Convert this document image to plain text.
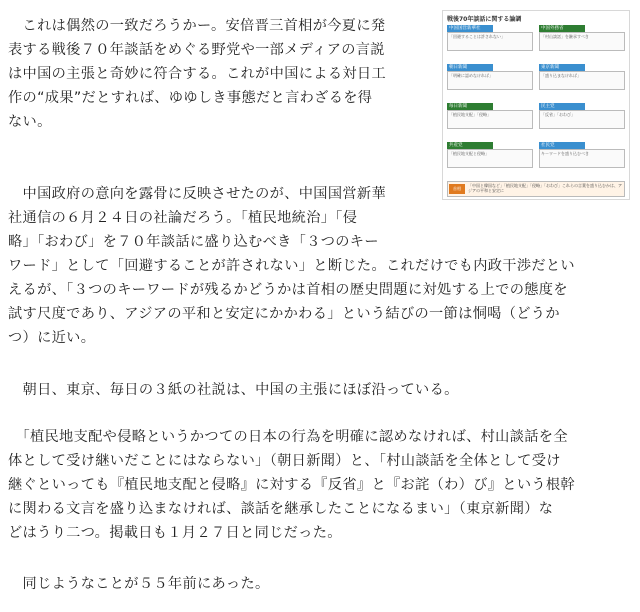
　これは偶然の一致だろうかー。安倍晋三首相が今夏に発
表する戦後７０年談話をめぐる野党や一部メディアの言説
は中国の主張と奇妙に符合する。これが中国による対日工
作の“成果”だとすれば、ゆゆしき事態だと言わざるを得
ない。
　中国政府の意向を露骨に反映させたのが、中国国営新華
社通信の６月２４日の社論だろう。「植民地統治」「侵
略」「おわび」を７０年談話に盛り込むべき「３つのキー
ワード」として「回避することが許されない」と断じた。これだけでも内政干渉だとい
えるが、「３つのキーワードが残るかどうかは首相の歴史問題に対処する上での態度を
試す尺度であり、アジアの平和と安定にかかわる」という結びの一節は恫喝（どうか
つ）に近い。
　朝日、東京、毎日の３紙の社説は、中国の主張にほぼ沿っている。
　「植民地支配や侵略というかつての日本の行為を明確に認めなければ、村山談話を全
体として受け継いだことにはならない」（朝日新聞）と、「村山談話を全体として受け
継ぐといっても『植民地支配と侵略』に対する『反省』と『お詫（わ）び』という根幹
に関わる文言を盛り込まなければ、談話を継承したことになるまい」（東京新聞）な
どはうり二つ。掲載日も１月２７日と同じだった。
　同じようなことが５５年前にあった。
戦後70年談話に関する論調
中国国営新華社
「回避することは許されない」
中国外務省
「村山談話」を継承すべき
朝日新聞
「明確に認めなければ」
東京新聞
「盛り込まなければ」
毎日新聞
「植民地支配」「侵略」
民主党
「反省」「おわび」
共産党
「植民地支配と侵略」
社民党
キーワードを盛り込むべき
首相
「中国と韓国など」「植民地支配」「侵略」「おわび」これらの言葉を盛り込むかは、アジアの平和と安定に
